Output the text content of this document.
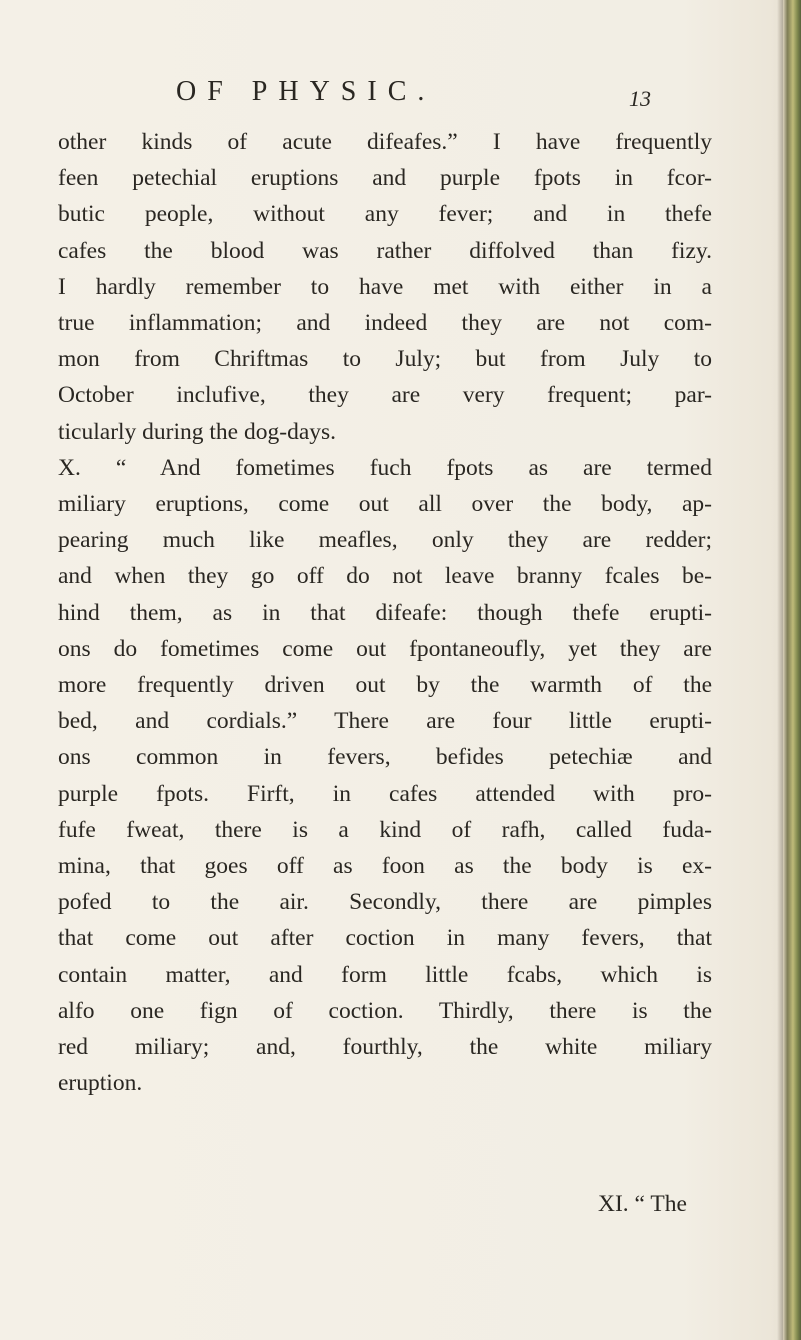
OF PHYSIC.	13
other kinds of acute difeafes.” I have frequently
feen petechial eruptions and purple fpots in fcor-
butic people, without any fever; and in thefe
cafes the blood was rather diffolved than fizy.
I hardly remember to have met with either in a
true inflammation; and indeed they are not com-
mon from Chriftmas to July; but from July to
October inclufive, they are very frequent; par-
ticularly during the dog-days.
X. “ And fometimes fuch fpots as are termed
miliary eruptions, come out all over the body, ap-
pearing much like meafles, only they are redder;
and when they go off do not leave branny fcales be-
hind them, as in that difeafe: though thefe erupti-
ons do fometimes come out fpontaneoufly, yet they are
more frequently driven out by the warmth of the
bed, and cordials.” There are four little erupti-
ons common in fevers, befides petechiæ and
purple fpots. Firft, in cafes attended with pro-
fufe fweat, there is a kind of rafh, called fuda-
mina, that goes off as foon as the body is ex-
pofed to the air. Secondly, there are pimples
that come out after coction in many fevers, that
contain matter, and form little fcabs, which is
alfo one fign of coction. Thirdly, there is the
red miliary; and, fourthly, the white miliary
eruption.
XI. “ The
